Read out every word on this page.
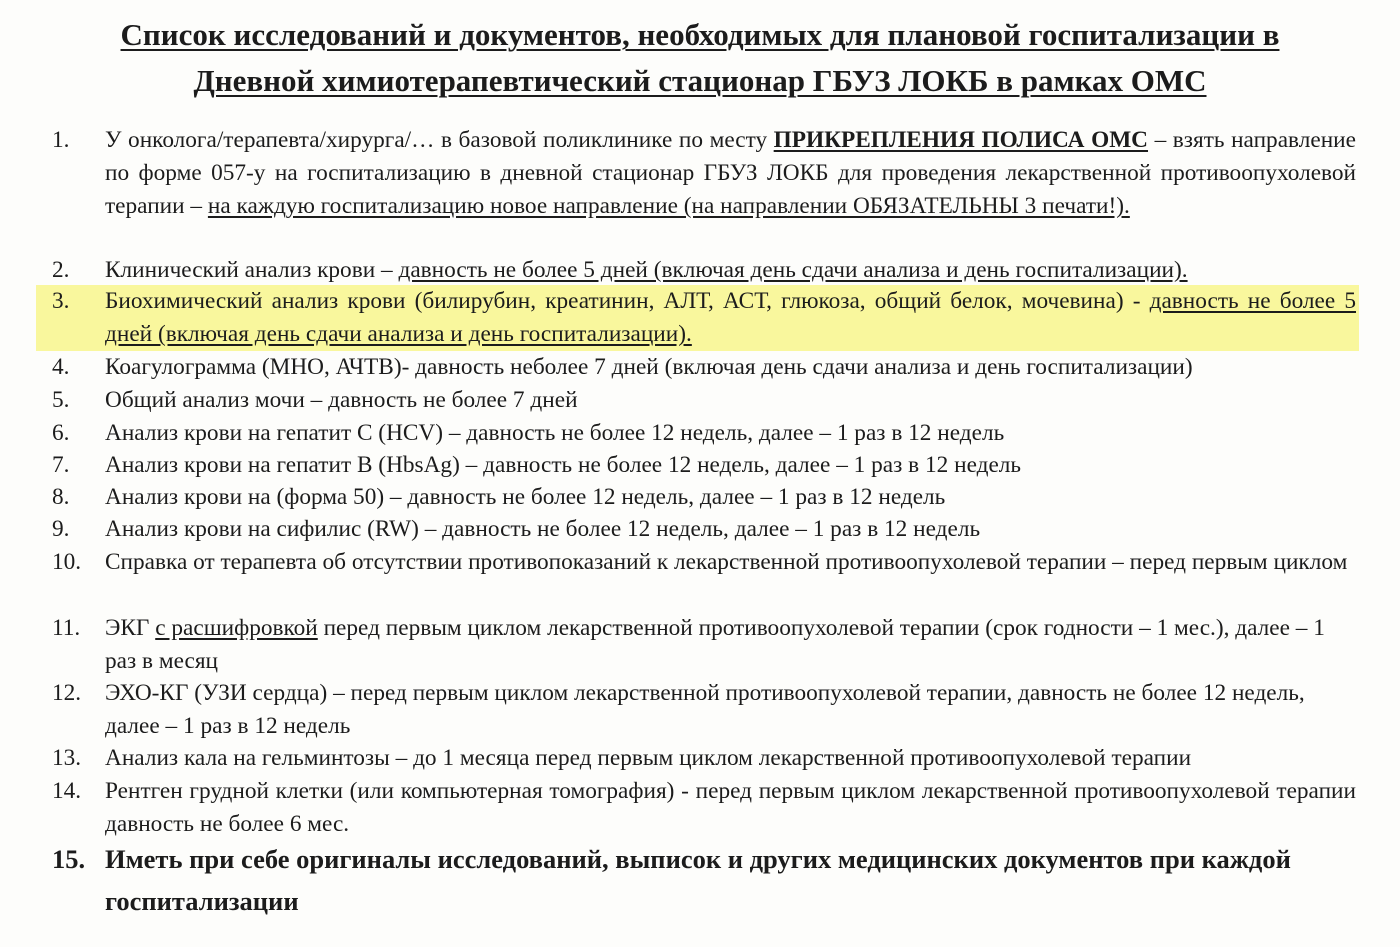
Список исследований и документов, необходимых для плановой госпитализации в
Дневной химиотерапевтический стационар ГБУЗ ЛОКБ в рамках ОМС
1.	У онколога/терапевта/хирурга/… в базовой поликлинике по месту ПРИКРЕПЛЕНИЯ ПОЛИСА ОМС – взять направление по форме 057-у на госпитализацию в дневной стационар ГБУЗ ЛОКБ для проведения лекарственной противоопухолевой терапии – на каждую госпитализацию новое направление (на направлении ОБЯЗАТЕЛЬНЫ 3 печати!).
2.	Клинический анализ крови – давность не более 5 дней (включая день сдачи анализа и день госпитализации).
3.	Биохимический анализ крови (билирубин, креатинин, АЛТ, АСТ, глюкоза, общий белок, мочевина) - давность не более 5 дней (включая день сдачи анализа и день госпитализации).
4.	Коагулограмма (МНО, АЧТВ)- давность неболее 7 дней (включая день сдачи анализа и день госпитализации)
5.	Общий анализ мочи – давность не более 7 дней
6.	Анализ крови на гепатит С (HCV) – давность не более 12 недель, далее – 1 раз в 12 недель
7.	Анализ крови на гепатит В (HbsAg) – давность не более 12 недель, далее – 1 раз в 12 недель
8.	Анализ крови на (форма 50) – давность не более 12 недель, далее – 1 раз в 12 недель
9.	Анализ крови на сифилис (RW) – давность не более 12 недель, далее – 1 раз в 12 недель
10.	Справка от терапевта об отсутствии противопоказаний к лекарственной противоопухолевой терапии – перед первым циклом
11.	ЭКГ с расшифровкой перед первым циклом лекарственной противоопухолевой терапии (срок годности – 1 мес.), далее – 1 раз в месяц
12.	ЭХО-КГ (УЗИ сердца) – перед первым циклом лекарственной противоопухолевой терапии, давность не более 12 недель, далее – 1 раз в 12 недель
13.	Анализ кала на гельминтозы – до 1 месяца перед первым циклом лекарственной противоопухолевой терапии
14.	Рентген грудной клетки (или компьютерная томография) - перед первым циклом лекарственной противоопухолевой терапии давность не более 6 мес.
15. Иметь при себе оригиналы исследований, выписок и других медицинских документов при каждой госпитализации
